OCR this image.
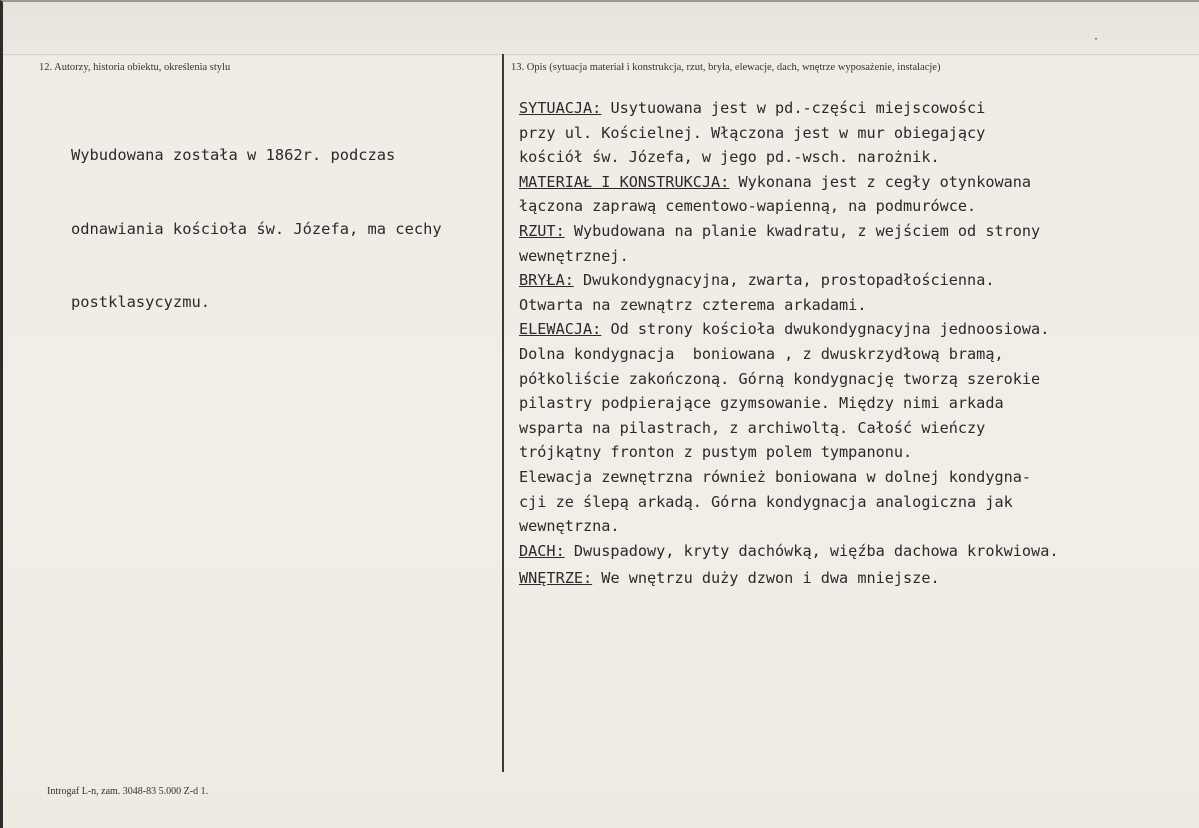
·
12. Autorzy, historia obiektu, określenia stylu	13. Opis (sytuacja materiał i konstrukcja, rzut, bryła, elewacje, dach, wnętrze wyposażenie, instalacje)

Wybudowana została w 1862r. podczas

odnawiania kościoła św. Józefa, ma cechy

postklasycyzmu.

SYTUACJA: Usytuowana jest w pd.-części miejscowości
przy ul. Kościelnej. Włączona jest w mur obiegający
kościół św. Józefa, w jego pd.-wsch. narożnik.
MATERIAŁ I KONSTRUKCJA: Wykonana jest z cegły otynkowana
łączona zaprawą cementowo-wapienną, na podmurówce.
RZUT: Wybudowana na planie kwadratu, z wejściem od strony
wewnętrznej.
BRYŁA: Dwukondygnacyjna, zwarta, prostopadłościenna.
Otwarta na zewnątrz czterema arkadami.
ELEWACJA: Od strony kościoła dwukondygnacyjna jednoosiowa.
Dolna kondygnacja  boniowana , z dwuskrzydłową bramą,
półkoliście zakończoną. Górną kondygnację tworzą szerokie
pilastry podpierające gzymsowanie. Między nimi arkada
wsparta na pilastrach, z archiwoltą. Całość wieńczy
trójkątny fronton z pustym polem tympanonu.
Elewacja zewnętrzna również boniowana w dolnej kondygna-
cji ze ślepą arkadą. Górna kondygnacja analogiczna jak
wewnętrzna.
DACH: Dwuspadowy, kryty dachówką, więźba dachowa krokwiowa.
WNĘTRZE: We wnętrzu duży dzwon i dwa mniejsze.
Introgaf L-n, zam. 3048-83 5.000 Z-d 1.
